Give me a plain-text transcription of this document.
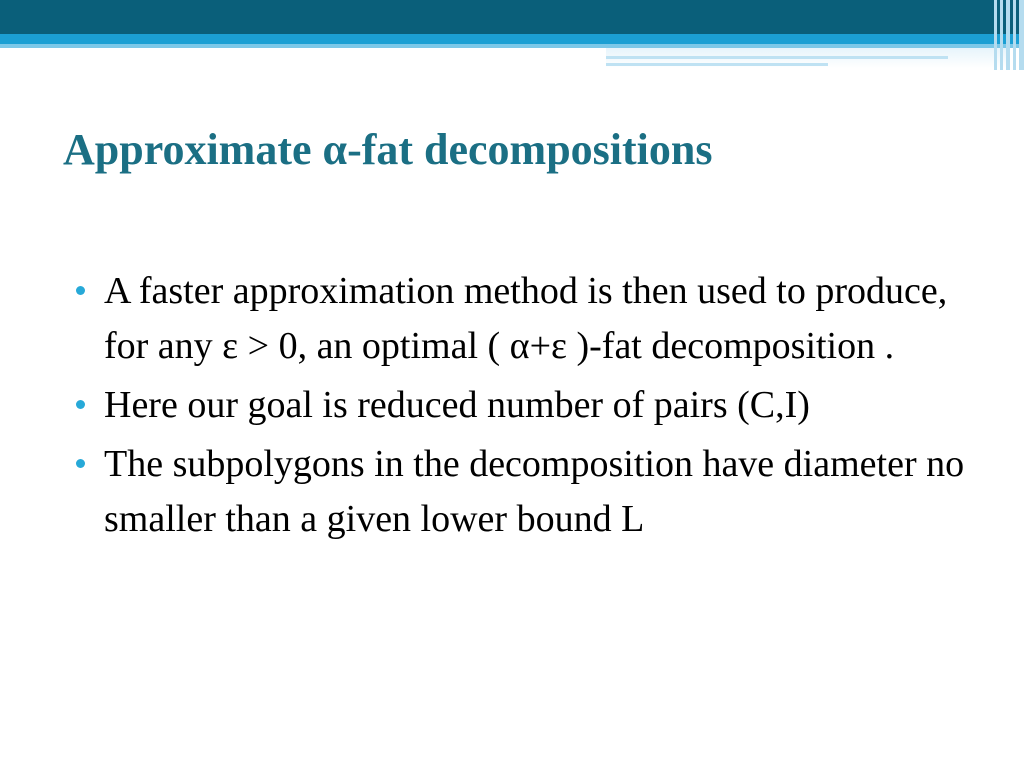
Approximate α-fat decompositions
A faster approximation method is then used to produce, for any ε > 0, an optimal ( α+ε )-fat decomposition .
Here our goal is reduced number of pairs (C,I)
The subpolygons in the decomposition have diameter no smaller than a given lower bound L
